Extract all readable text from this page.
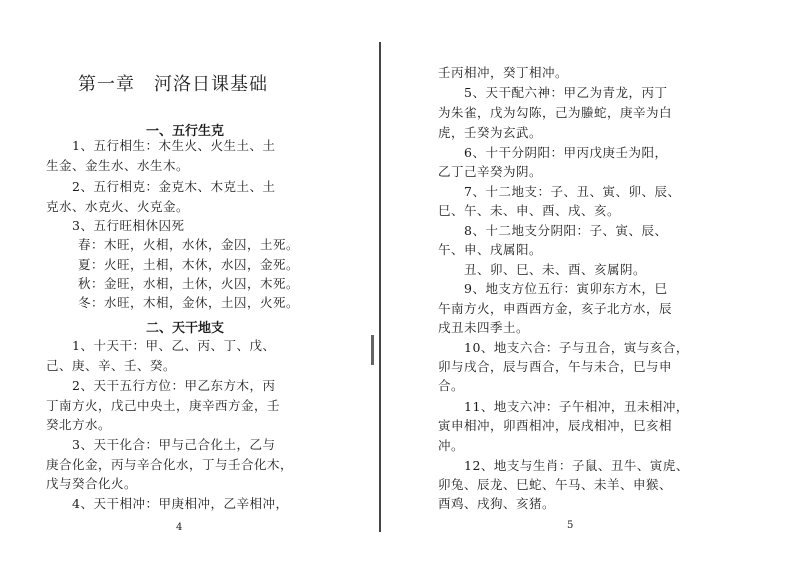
第一章　河洛日课基础
一、五行生克
1、五行相生：木生火、火生土、土
生金、金生水、水生木。
2、五行相克：金克木、木克土、土
克水、水克火、火克金。
3、五行旺相休囚死
春：木旺，火相，水休，金囚，土死。
夏：火旺，土相，木休，水囚，金死。
秋：金旺，水相，土休，火囚，木死。
冬：水旺，木相，金休，土囚，火死。
二、天干地支
1、十天干：甲、乙、丙、丁、戊、
己、庚、辛、壬、癸。
2、天干五行方位：甲乙东方木，丙
丁南方火，戊己中央土，庚辛西方金，壬
癸北方水。
3、天干化合：甲与己合化土，乙与
庚合化金，丙与辛合化水，丁与壬合化木，
戊与癸合化火。
4、天干相冲：甲庚相冲，乙辛相冲，
4
壬丙相冲，癸丁相冲。
5、天干配六神：甲乙为青龙，丙丁
为朱雀，戊为勾陈，己为螣蛇，庚辛为白
虎，壬癸为玄武。
6、十干分阴阳：甲丙戊庚壬为阳，
乙丁己辛癸为阴。
7、十二地支：子、丑、寅、卯、辰、
巳、午、未、申、酉、戌、亥。
8、十二地支分阴阳：子、寅、辰、
午、申、戌属阳。
丑、卯、巳、未、酉、亥属阴。
9、地支方位五行：寅卯东方木，巳
午南方火，申酉西方金，亥子北方水，辰
戌丑未四季土。
10、地支六合：子与丑合，寅与亥合，
卯与戌合，辰与酉合，午与未合，巳与申
合。
11、地支六冲：子午相冲，丑未相冲，
寅申相冲，卯酉相冲，辰戌相冲，巳亥相
冲。
12、地支与生肖：子鼠、丑牛、寅虎、
卯兔、辰龙、巳蛇、午马、未羊、申猴、
酉鸡、戌狗、亥猪。
5
